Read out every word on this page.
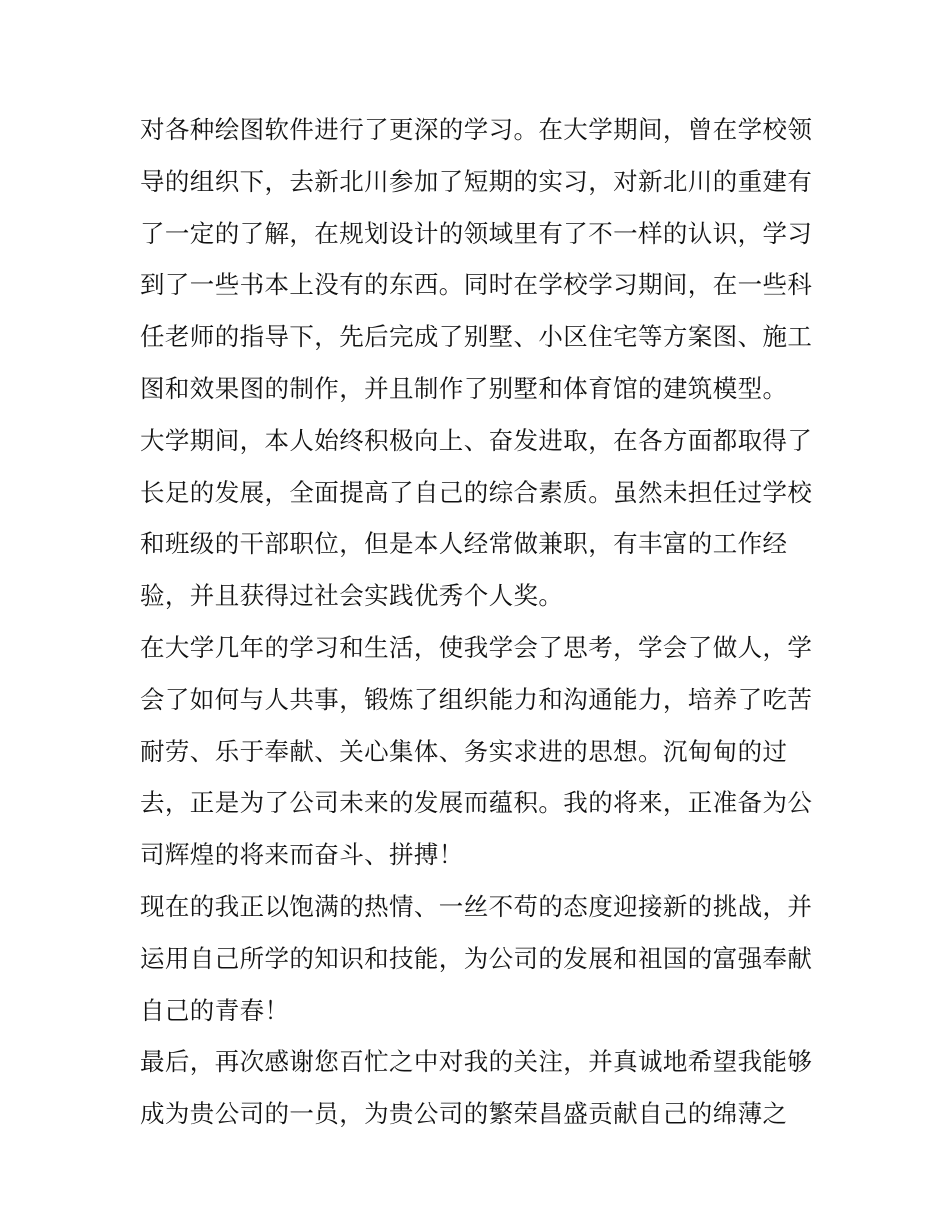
对各种绘图软件进行了更深的学习。在大学期间，曾在学校领
导的组织下，去新北川参加了短期的实习，对新北川的重建有
了一定的了解，在规划设计的领域里有了不一样的认识，学习
到了一些书本上没有的东西。同时在学校学习期间，在一些科
任老师的指导下，先后完成了别墅、小区住宅等方案图、施工
图和效果图的制作，并且制作了别墅和体育馆的建筑模型。
大学期间，本人始终积极向上、奋发进取，在各方面都取得了
长足的发展，全面提高了自己的综合素质。虽然未担任过学校
和班级的干部职位，但是本人经常做兼职，有丰富的工作经
验，并且获得过社会实践优秀个人奖。
在大学几年的学习和生活，使我学会了思考，学会了做人，学
会了如何与人共事，锻炼了组织能力和沟通能力，培养了吃苦
耐劳、乐于奉献、关心集体、务实求进的思想。沉甸甸的过
去，正是为了公司未来的发展而蕴积。我的将来，正准备为公
司辉煌的将来而奋斗、拼搏！
现在的我正以饱满的热情、一丝不苟的态度迎接新的挑战，并
运用自己所学的知识和技能，为公司的发展和祖国的富强奉献
自己的青春！
最后，再次感谢您百忙之中对我的关注，并真诚地希望我能够
成为贵公司的一员，为贵公司的繁荣昌盛贡献自己的绵薄之
